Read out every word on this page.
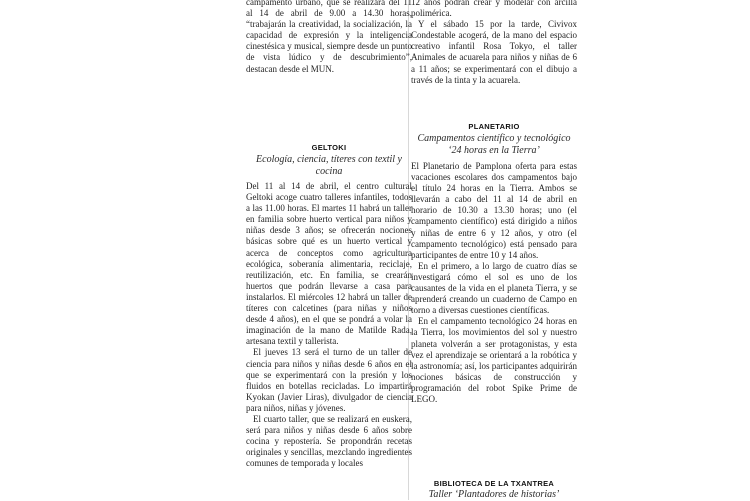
campamento urbano, que se realizará del 11 al 14 de abril de 9.00 a 14.30 horas, “trabajarán la creatividad, la socialización, la capacidad de expresión y la inteligencia cinestésica y musical, siempre desde un punto de vista lúdico y de descubrimiento”, destacan desde el MUN.

GELTOKI
Ecología, ciencia, títeres con textil y cocina

Del 11 al 14 de abril, el centro cultural Geltoki acoge cuatro talleres infantiles, todos a las 11.00 horas. El martes 11 habrá un taller en familia sobre huerto vertical para niños y niñas desde 3 años; se ofrecerán nociones básicas sobre qué es un huerto vertical y acerca de conceptos como agricultura ecológica, soberanía alimentaria, reciclaje, reutilización, etc. En familia, se crearán huertos que podrán llevarse a casa para instalarlos. El miércoles 12 habrá un taller de títeres con calcetines (para niñas y niños desde 4 años), en el que se pondrá a volar la imaginación de la mano de Matilde Rada, artesana textil y tallerista.

El jueves 13 será el turno de un taller de ciencia para niños y niñas desde 6 años en el que se experimentará con la presión y los fluidos en botellas recicladas. Lo impartirá Kyokan (Javier Liras), divulgador de ciencia para niños, niñas y jóvenes.

El cuarto taller, que se realizará en euskera, será para niños y niñas desde 6 años sobre cocina y repostería. Se propondrán recetas originales y sencillas, mezclando ingredientes comunes de temporada y locales

12 años podrán crear y modelar con arcilla polimérica.

Y el sábado 15 por la tarde, Civivox Condestable acogerá, de la mano del espacio creativo infantil Rosa Tokyo, el taller Animales de acuarela para niños y niñas de 6 a 11 años; se experimentará con el dibujo a través de la tinta y la acuarela.

PLANETARIO
Campamentos científico y tecnológico ‘24 horas en la Tierra’

El Planetario de Pamplona oferta para estas vacaciones escolares dos campamentos bajo el título 24 horas en la Tierra. Ambos se llevarán a cabo del 11 al 14 de abril en horario de 10.30 a 13.30 horas; uno (el campamento científico) está dirigido a niños y niñas de entre 6 y 12 años, y otro (el campamento tecnológico) está pensado para participantes de entre 10 y 14 años.

En el primero, a lo largo de cuatro días se investigará cómo el sol es uno de los causantes de la vida en el planeta Tierra, y se aprenderá creando un cuaderno de Campo en torno a diversas cuestiones científicas.

En el campamento tecnológico 24 horas en la Tierra, los movimientos del sol y nuestro planeta volverán a ser protagonistas, y esta vez el aprendizaje se orientará a la robótica y la astronomía; así, los participantes adquirirán nociones básicas de construcción y programación del robot Spike Prime de LEGO.

BIBLIOTECA DE LA TXANTREA
Taller ‘Plantadores de historias’
